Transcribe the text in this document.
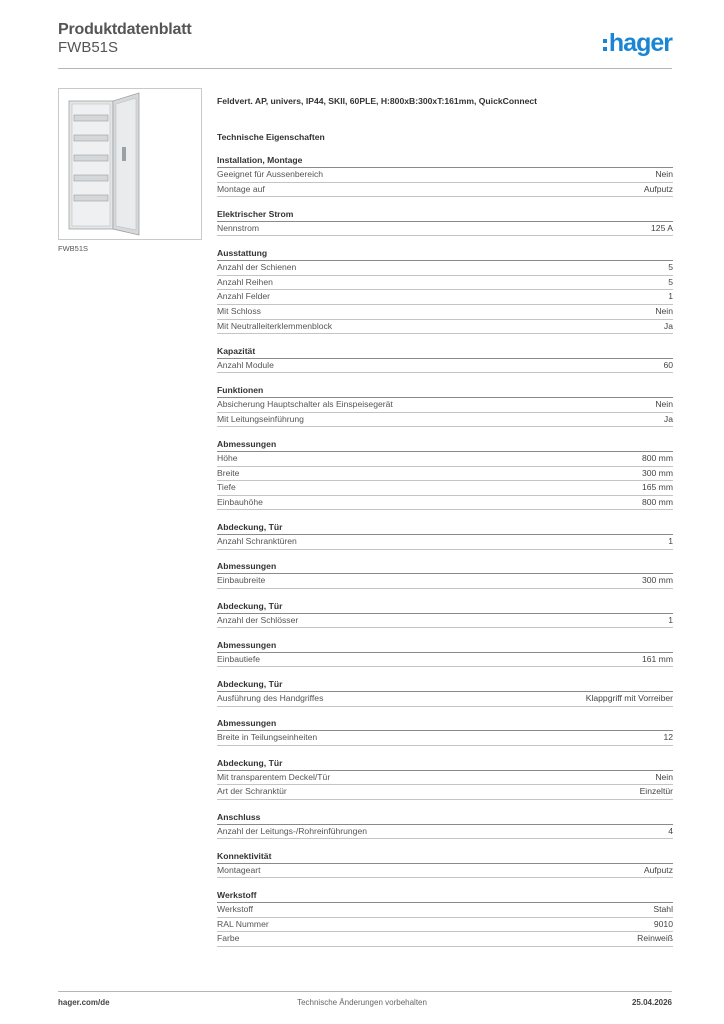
Produktdatenblatt
FWB51S	hager
FWB51S
Feldvert. AP, univers, IP44, SKII, 60PLE, H:800xB:300xT:161mm, QuickConnect
Technische Eigenschaften
Installation, Montage
Geeignet für Aussenbereich	Nein
Montage auf	Aufputz
Elektrischer Strom
Nennstrom	125 A
Ausstattung
Anzahl der Schienen	5
Anzahl Reihen	5
Anzahl Felder	1
Mit Schloss	Nein
Mit Neutralleiterklemmenblock	Ja
Kapazität
Anzahl Module	60
Funktionen
Absicherung Hauptschalter als Einspeisegerät	Nein
Mit Leitungseinführung	Ja
Abmessungen
Höhe	800 mm
Breite	300 mm
Tiefe	165 mm
Einbauhöhe	800 mm
Abdeckung, Tür
Anzahl Schranktüren	1
Abmessungen
Einbaubreite	300 mm
Abdeckung, Tür
Anzahl der Schlösser	1
Abmessungen
Einbautiefe	161 mm
Abdeckung, Tür
Ausführung des Handgriffes	Klappgriff mit Vorreiber
Abmessungen
Breite in Teilungseinheiten	12
Abdeckung, Tür
Mit transparentem Deckel/Tür	Nein
Art der Schranktür	Einzeltür
Anschluss
Anzahl der Leitungs-/Rohreinführungen	4
Konnektivität
Montageart	Aufputz
Werkstoff
Werkstoff	Stahl
RAL Nummer	9010
Farbe	Reinweiß
hager.com/de	Technische Änderungen vorbehalten	25.04.2026
